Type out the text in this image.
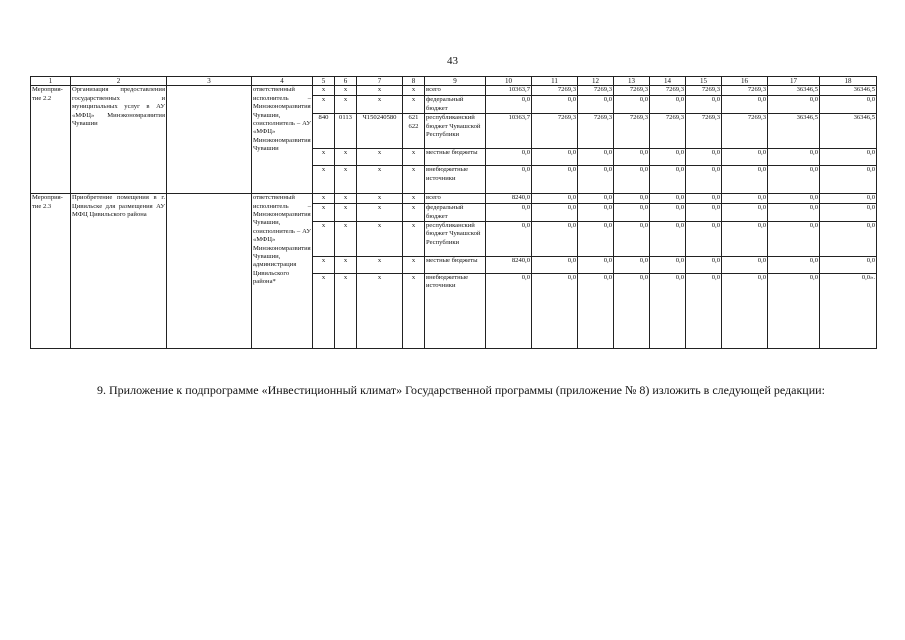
43
1	2	3	4	5	6	7	8	9	10	11	12	13	14	15	16	17	18
Мероприя-тие 2.2	Организация предоставления государственных и муниципальных услуг в АУ «МФЦ» Минэкономразвития Чувашии		ответственный исполнитель – Минэкономразвития Чувашии, соисполнитель – АУ «МФЦ» Минэкономразвития Чувашии	x	x	x	x	всего	10363,7	7269,3	7269,3	7269,3	7269,3	7269,3	7269,3	36346,5	36346,5
				x	x	x	x	федеральный бюджет	0,0	0,0	0,0	0,0	0,0	0,0	0,0	0,0	0,0
				840	0113	Ч150240580	621 622	республиканский бюджет Чувашской Республики	10363,7	7269,3	7269,3	7269,3	7269,3	7269,3	7269,3	36346,5	36346,5
				x	x	x	x	местные бюджеты	0,0	0,0	0,0	0,0	0,0	0,0	0,0	0,0	0,0
				x	x	x	x	внебюджетные источники	0,0	0,0	0,0	0,0	0,0	0,0	0,0	0,0	0,0
Мероприя-тие 2.3	Приобретение помещения в г. Цивильске для размещения АУ МФЦ Цивильского района		ответственный исполнитель – Минэкономразвития Чувашии, соисполнитель – АУ «МФЦ» Минэкономразвития Чувашии, администрация Цивильского района*	x	x	x	x	всего	8240,0	0,0	0,0	0,0	0,0	0,0	0,0	0,0	0,0
				x	x	x	x	федеральный бюджет	0,0	0,0	0,0	0,0	0,0	0,0	0,0	0,0	0,0
				x	x	x	x	республиканский бюджет Чувашской Республики	0,0	0,0	0,0	0,0	0,0	0,0	0,0	0,0	0,0
				x	x	x	x	местные бюджеты	8240,0	0,0	0,0	0,0	0,0	0,0	0,0	0,0	0,0
				x	x	x	x	внебюджетные источники	0,0	0,0	0,0	0,0	0,0	0,0	0,0	0,0	0,0».
9. Приложение к подпрограмме «Инвестиционный климат» Государственной программы (приложение № 8) изложить в следующей редакции:
